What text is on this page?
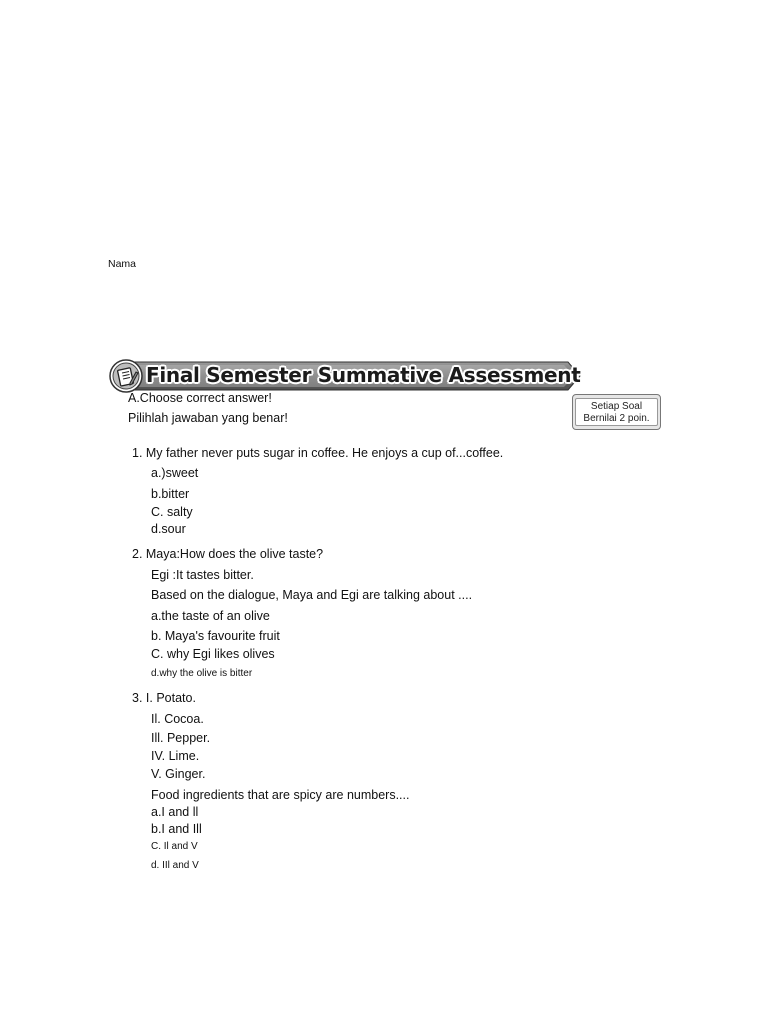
Nama
Final Semester Summative Assessment
Setiap Soal
Bernilai 2 poin.
A.Choose correct answer!
Pilihlah jawaban yang benar!
1. My father never puts sugar in coffee. He enjoys a cup of...coffee.
a.)sweet
b.bitter
C. salty
d.sour
2. Maya:How does the olive taste?
Egi :It tastes bitter.
Based on the dialogue, Maya and Egi are talking about ....
a.the taste of an olive
b. Maya's favourite fruit
C. why Egi likes olives
d.why the olive is bitter
3. I. Potato.
Il. Cocoa.
Ill. Pepper.
IV. Lime.
V. Ginger.
Food ingredients that are spicy are numbers....
a.I and ll
b.I and Ill
C. Il and V
d. IIl and V
